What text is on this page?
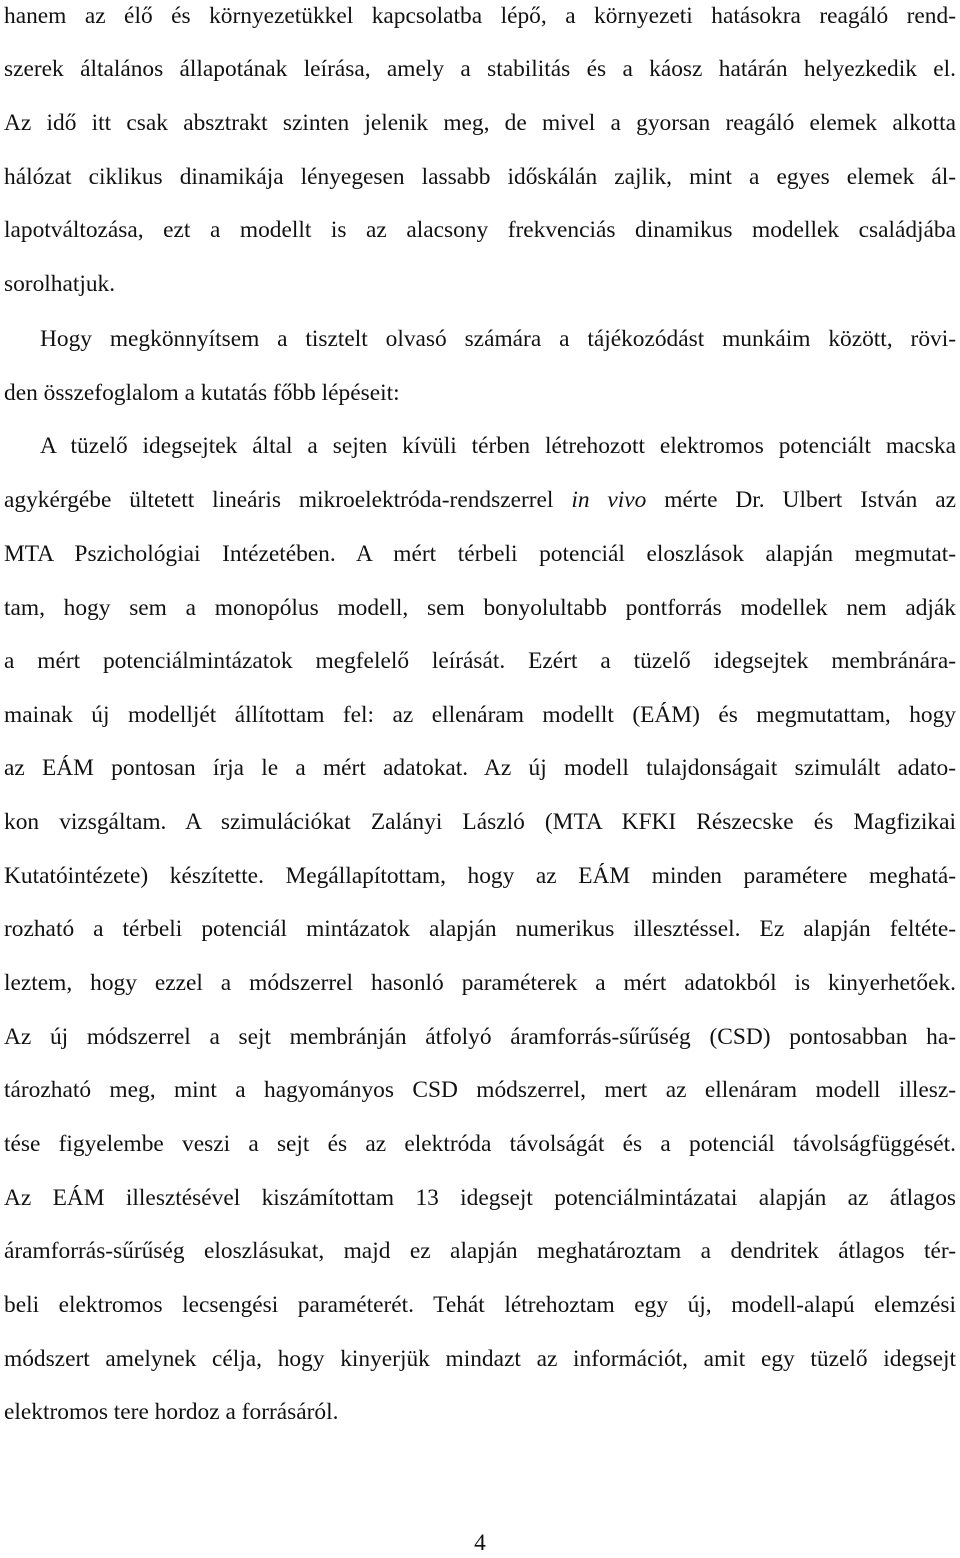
hanem az élő és környezetükkel kapcsolatba lépő, a környezeti hatásokra reagáló rend-
szerek általános állapotának leírása, amely a stabilitás és a káosz határán helyezkedik el.
Az idő itt csak absztrakt szinten jelenik meg, de mivel a gyorsan reagáló elemek alkotta
hálózat ciklikus dinamikája lényegesen lassabb időskálán zajlik, mint a egyes elemek ál-
lapotváltozása, ezt a modellt is az alacsony frekvenciás dinamikus modellek családjába
sorolhatjuk.
Hogy megkönnyítsem a tisztelt olvasó számára a tájékozódást munkáim között, rövi-
den összefoglalom a kutatás főbb lépéseit:
A tüzelő idegsejtek által a sejten kívüli térben létrehozott elektromos potenciált macska
agykérgébe ültetett lineáris mikroelektróda-rendszerrel in vivo mérte Dr. Ulbert István az
MTA Pszichológiai Intézetében. A mért térbeli potenciál eloszlások alapján megmutat-
tam, hogy sem a monopólus modell, sem bonyolultabb pontforrás modellek nem adják
a mért potenciálmintázatok megfelelő leírását. Ezért a tüzelő idegsejtek membránára-
mainak új modelljét állítottam fel: az ellenáram modellt (EÁM) és megmutattam, hogy
az EÁM pontosan írja le a mért adatokat. Az új modell tulajdonságait szimulált adato-
kon vizsgáltam. A szimulációkat Zalányi László (MTA KFKI Részecske és Magfizikai
Kutatóintézete) készítette. Megállapítottam, hogy az EÁM minden paramétere meghatá-
rozható a térbeli potenciál mintázatok alapján numerikus illesztéssel. Ez alapján feltéte-
leztem, hogy ezzel a módszerrel hasonló paraméterek a mért adatokból is kinyerhetőek.
Az új módszerrel a sejt membránján átfolyó áramforrás-sűrűség (CSD) pontosabban ha-
tározható meg, mint a hagyományos CSD módszerrel, mert az ellenáram modell illesz-
tése figyelembe veszi a sejt és az elektróda távolságát és a potenciál távolságfüggését.
Az EÁM illesztésével kiszámítottam 13 idegsejt potenciálmintázatai alapján az átlagos
áramforrás-sűrűség eloszlásukat, majd ez alapján meghatároztam a dendritek átlagos tér-
beli elektromos lecsengési paraméterét. Tehát létrehoztam egy új, modell-alapú elemzési
módszert amelynek célja, hogy kinyerjük mindazt az információt, amit egy tüzelő idegsejt
elektromos tere hordoz a forrásáról.
4
